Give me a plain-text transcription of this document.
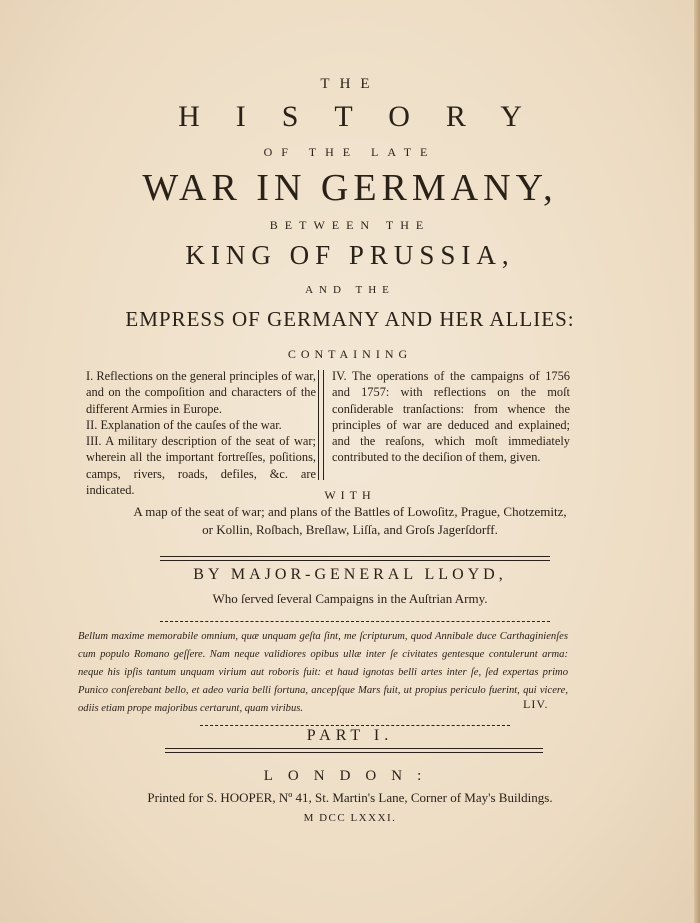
THE
HISTORY
OF THE LATE
WAR IN GERMANY,
BETWEEN THE
KING OF PRUSSIA,
AND THE
EMPRESS OF GERMANY AND HER ALLIES:
CONTAINING

I. Reflections on the general principles of war, and on the compoſition and characters of the different Armies in Europe.

II. Explanation of the cauſes of the war.

III. A military description of the seat of war; wherein all the important fortreſſes, poſitions, camps, rivers, roads, defiles, &c. are indicated.

IV. The operations of the campaigns of 1756 and 1757: with reflections on the moſt conſiderable tranſactions: from whence the principles of war are deduced and explained; and the reaſons, which moſt immediately contributed to the deciſion of them, given.

WITH
A map of the seat of war; and plans of the Battles of Lowoſitz, Prague, Chotzemitz,
or Kollin, Roſbach, Breſlaw, Liſſa, and Groſs Jagerſdorff.
BY MAJOR-GENERAL LLOYD,
Who ſerved ſeveral Campaigns in the Auſtrian Army.

Bellum maxime memorabile omnium, quæ unquam geſta ſint, me ſcripturum, quod Annibale duce Carthaginienſes cum populo Romano geſſere. Nam neque validiores opibus ullæ inter ſe civitates gentesque contulerunt arma: neque his ipſis tantum unquam virium aut roboris fuit: et haud ignotas belli artes inter ſe, ſed expertas primo Punico conſerebant bello, et adeo varia belli fortuna, ancepſque Mars fuit, ut propius periculo fuerint, qui vicere, odiis etiam prope majoribus certarunt, quam viribus.	LIV.
PART I.
LONDON:
Printed for S. HOOPER, Nº 41, St. Martin's Lane, Corner of May's Buildings.
M DCC LXXXI.
